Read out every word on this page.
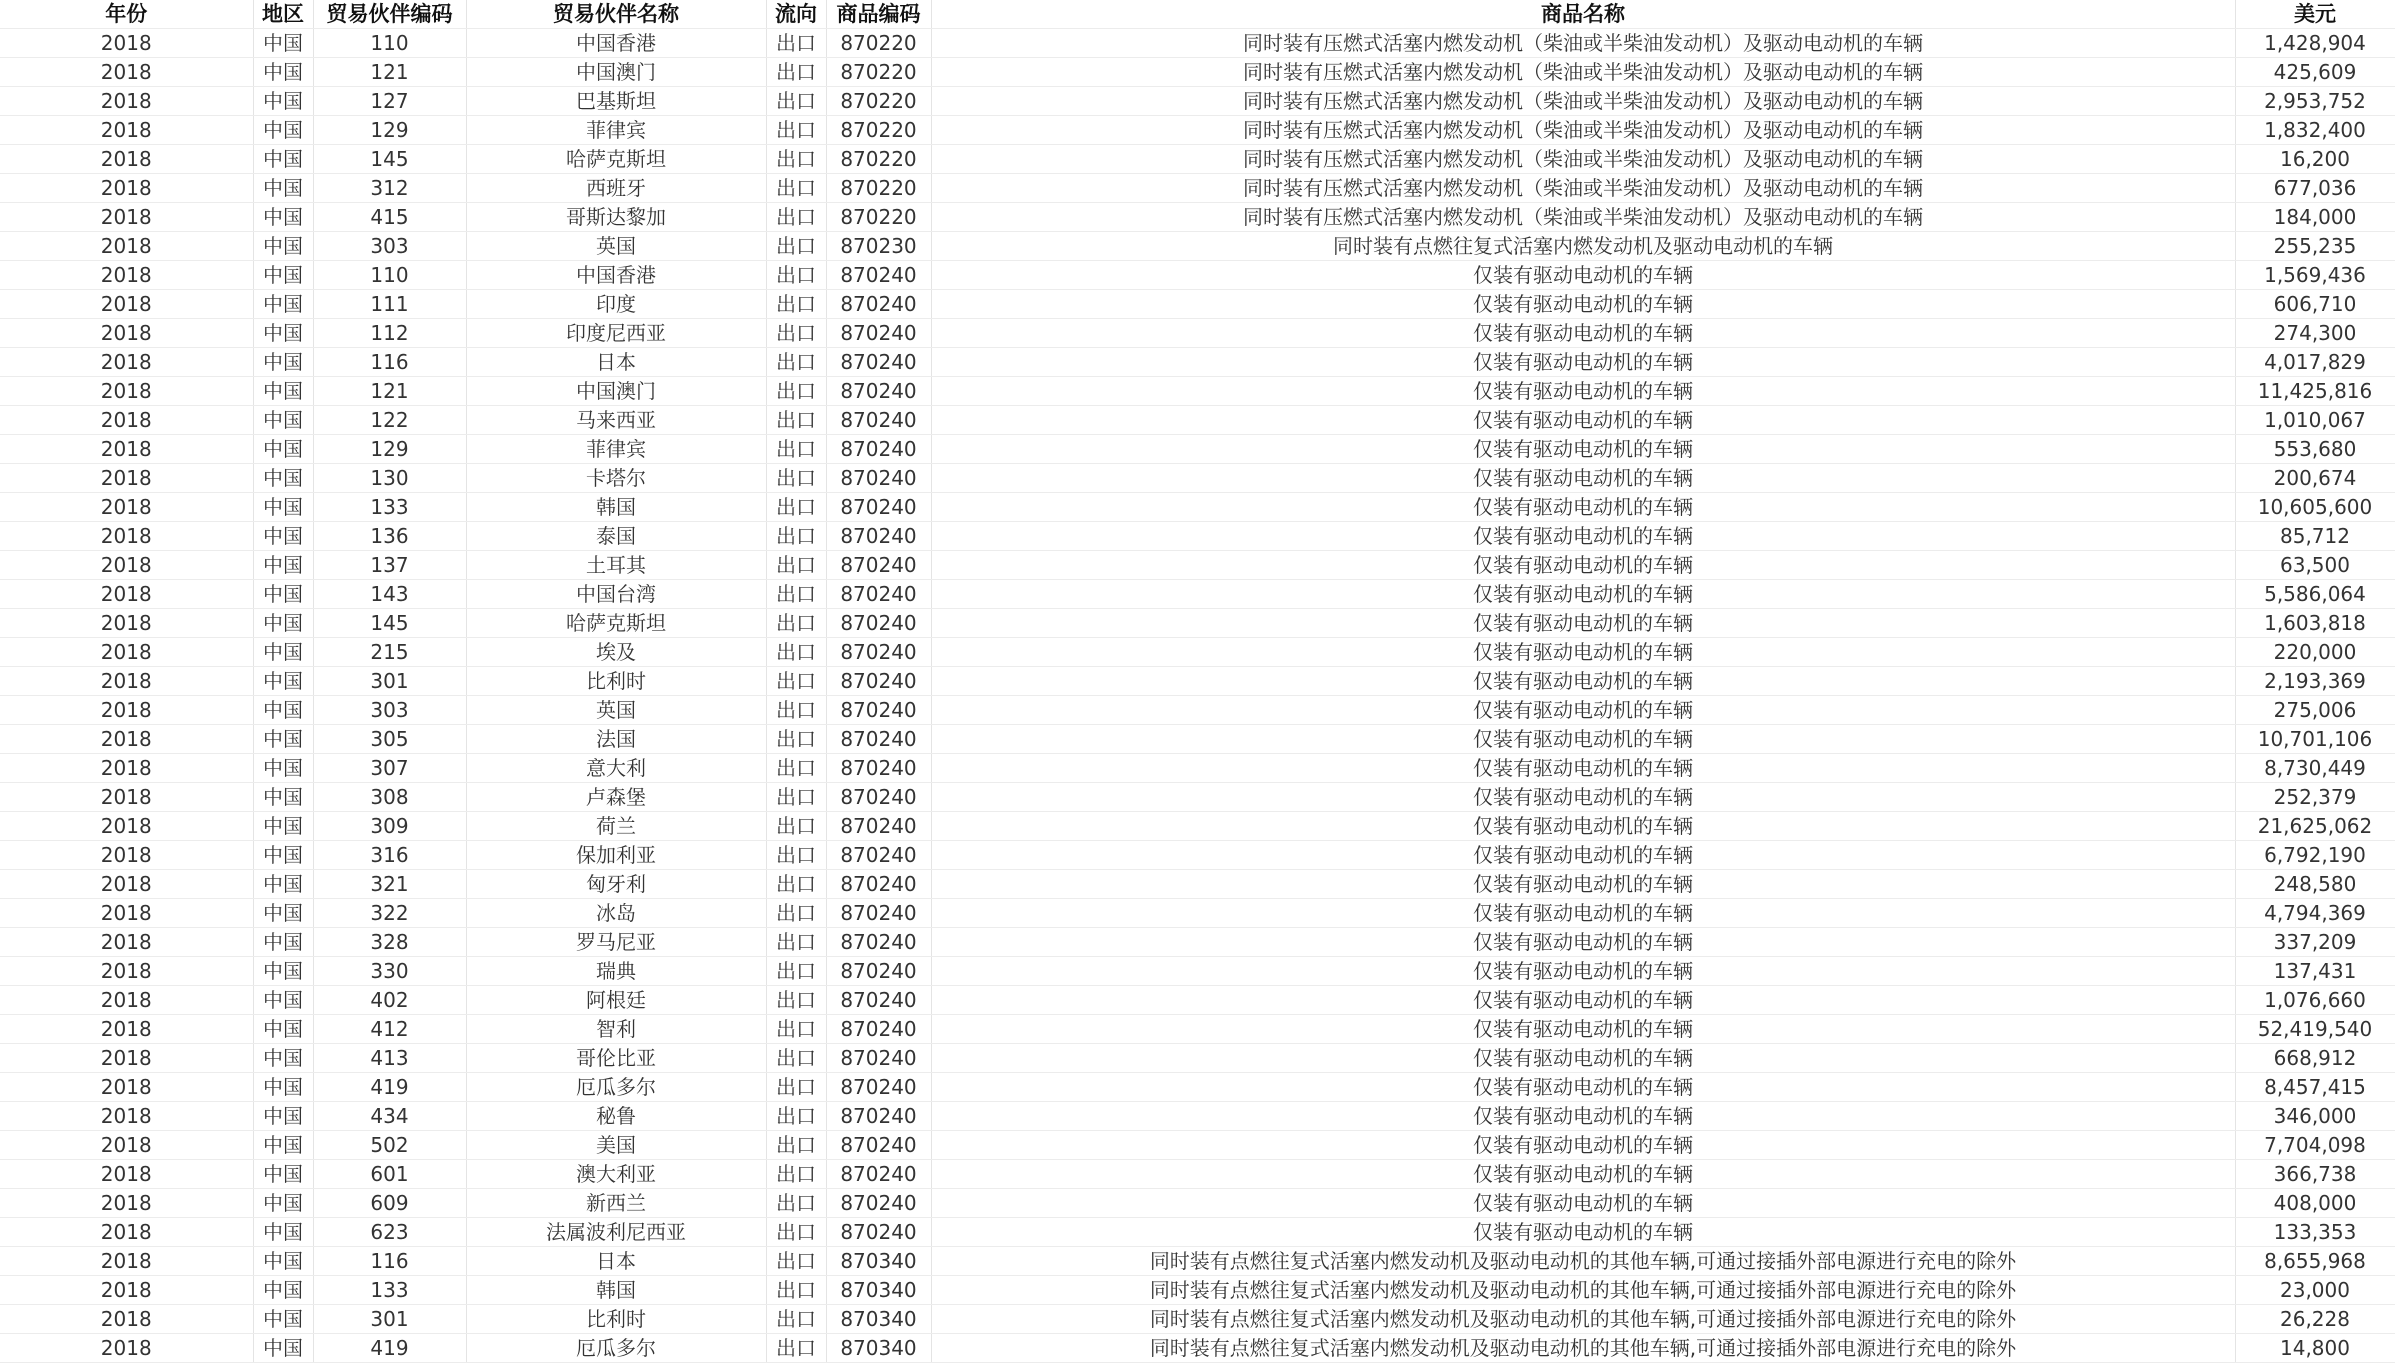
年份	地区	贸易伙伴编码	贸易伙伴名称	流向	商品编码	商品名称	美元
2018	中国	110	中国香港	出口	870220	同时装有压燃式活塞内燃发动机（柴油或半柴油发动机）及驱动电动机的车辆	1,428,904
2018	中国	121	中国澳门	出口	870220	同时装有压燃式活塞内燃发动机（柴油或半柴油发动机）及驱动电动机的车辆	425,609
2018	中国	127	巴基斯坦	出口	870220	同时装有压燃式活塞内燃发动机（柴油或半柴油发动机）及驱动电动机的车辆	2,953,752
2018	中国	129	菲律宾	出口	870220	同时装有压燃式活塞内燃发动机（柴油或半柴油发动机）及驱动电动机的车辆	1,832,400
2018	中国	145	哈萨克斯坦	出口	870220	同时装有压燃式活塞内燃发动机（柴油或半柴油发动机）及驱动电动机的车辆	16,200
2018	中国	312	西班牙	出口	870220	同时装有压燃式活塞内燃发动机（柴油或半柴油发动机）及驱动电动机的车辆	677,036
2018	中国	415	哥斯达黎加	出口	870220	同时装有压燃式活塞内燃发动机（柴油或半柴油发动机）及驱动电动机的车辆	184,000
2018	中国	303	英国	出口	870230	同时装有点燃往复式活塞内燃发动机及驱动电动机的车辆	255,235
2018	中国	110	中国香港	出口	870240	仅装有驱动电动机的车辆	1,569,436
2018	中国	111	印度	出口	870240	仅装有驱动电动机的车辆	606,710
2018	中国	112	印度尼西亚	出口	870240	仅装有驱动电动机的车辆	274,300
2018	中国	116	日本	出口	870240	仅装有驱动电动机的车辆	4,017,829
2018	中国	121	中国澳门	出口	870240	仅装有驱动电动机的车辆	11,425,816
2018	中国	122	马来西亚	出口	870240	仅装有驱动电动机的车辆	1,010,067
2018	中国	129	菲律宾	出口	870240	仅装有驱动电动机的车辆	553,680
2018	中国	130	卡塔尔	出口	870240	仅装有驱动电动机的车辆	200,674
2018	中国	133	韩国	出口	870240	仅装有驱动电动机的车辆	10,605,600
2018	中国	136	泰国	出口	870240	仅装有驱动电动机的车辆	85,712
2018	中国	137	土耳其	出口	870240	仅装有驱动电动机的车辆	63,500
2018	中国	143	中国台湾	出口	870240	仅装有驱动电动机的车辆	5,586,064
2018	中国	145	哈萨克斯坦	出口	870240	仅装有驱动电动机的车辆	1,603,818
2018	中国	215	埃及	出口	870240	仅装有驱动电动机的车辆	220,000
2018	中国	301	比利时	出口	870240	仅装有驱动电动机的车辆	2,193,369
2018	中国	303	英国	出口	870240	仅装有驱动电动机的车辆	275,006
2018	中国	305	法国	出口	870240	仅装有驱动电动机的车辆	10,701,106
2018	中国	307	意大利	出口	870240	仅装有驱动电动机的车辆	8,730,449
2018	中国	308	卢森堡	出口	870240	仅装有驱动电动机的车辆	252,379
2018	中国	309	荷兰	出口	870240	仅装有驱动电动机的车辆	21,625,062
2018	中国	316	保加利亚	出口	870240	仅装有驱动电动机的车辆	6,792,190
2018	中国	321	匈牙利	出口	870240	仅装有驱动电动机的车辆	248,580
2018	中国	322	冰岛	出口	870240	仅装有驱动电动机的车辆	4,794,369
2018	中国	328	罗马尼亚	出口	870240	仅装有驱动电动机的车辆	337,209
2018	中国	330	瑞典	出口	870240	仅装有驱动电动机的车辆	137,431
2018	中国	402	阿根廷	出口	870240	仅装有驱动电动机的车辆	1,076,660
2018	中国	412	智利	出口	870240	仅装有驱动电动机的车辆	52,419,540
2018	中国	413	哥伦比亚	出口	870240	仅装有驱动电动机的车辆	668,912
2018	中国	419	厄瓜多尔	出口	870240	仅装有驱动电动机的车辆	8,457,415
2018	中国	434	秘鲁	出口	870240	仅装有驱动电动机的车辆	346,000
2018	中国	502	美国	出口	870240	仅装有驱动电动机的车辆	7,704,098
2018	中国	601	澳大利亚	出口	870240	仅装有驱动电动机的车辆	366,738
2018	中国	609	新西兰	出口	870240	仅装有驱动电动机的车辆	408,000
2018	中国	623	法属波利尼西亚	出口	870240	仅装有驱动电动机的车辆	133,353
2018	中国	116	日本	出口	870340	同时装有点燃往复式活塞内燃发动机及驱动电动机的其他车辆,可通过接插外部电源进行充电的除外	8,655,968
2018	中国	133	韩国	出口	870340	同时装有点燃往复式活塞内燃发动机及驱动电动机的其他车辆,可通过接插外部电源进行充电的除外	23,000
2018	中国	301	比利时	出口	870340	同时装有点燃往复式活塞内燃发动机及驱动电动机的其他车辆,可通过接插外部电源进行充电的除外	26,228
2018	中国	419	厄瓜多尔	出口	870340	同时装有点燃往复式活塞内燃发动机及驱动电动机的其他车辆,可通过接插外部电源进行充电的除外	14,800
